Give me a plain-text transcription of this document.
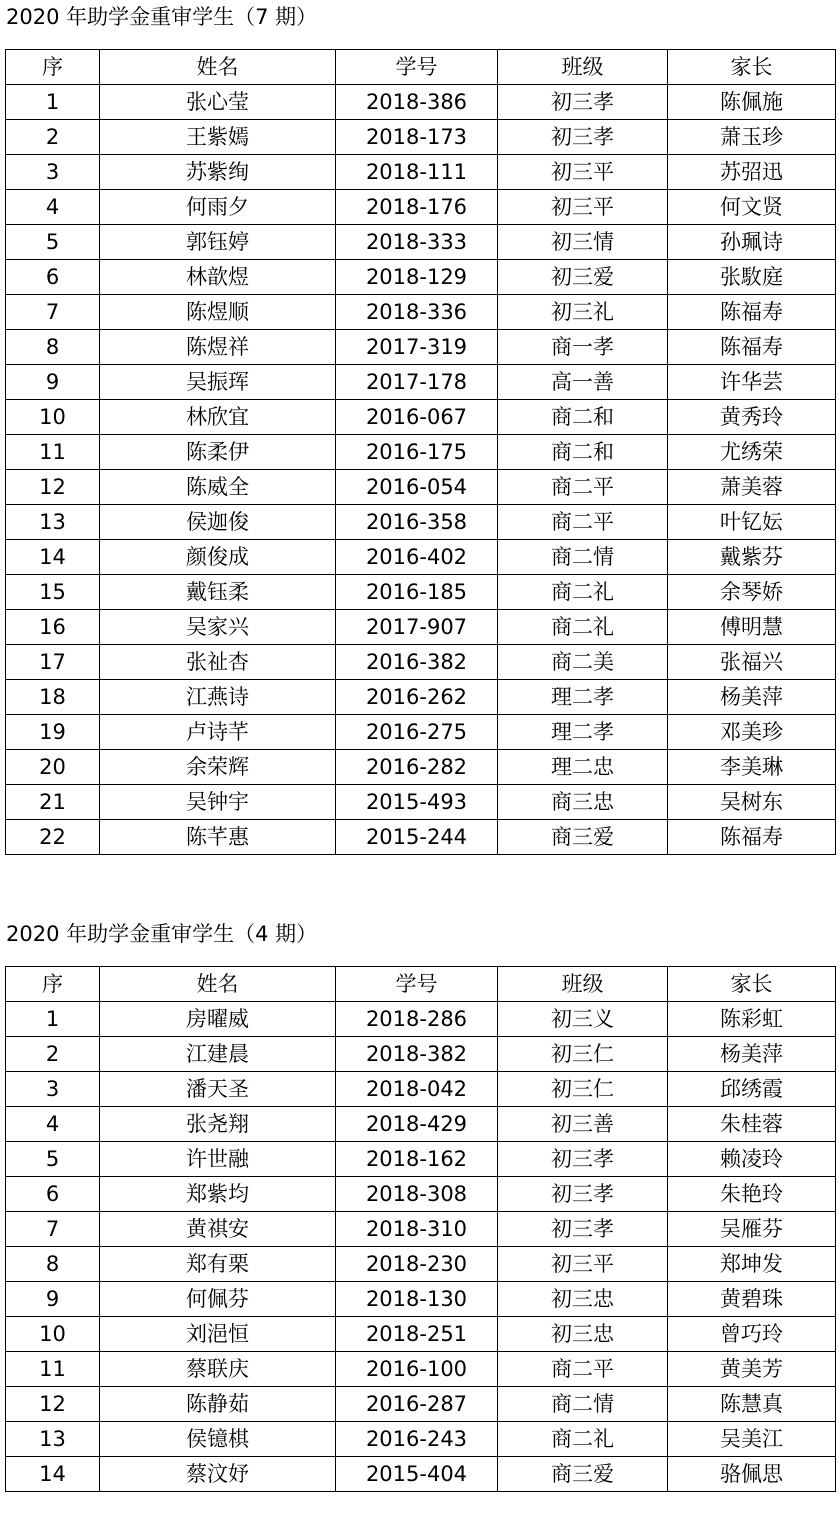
2020 年助学金重审学生（7 期）
序	姓名	学号	班级	家长
1	张心莹	2018-386	初三孝	陈佩施
2	王紫嫣	2018-173	初三孝	萧玉珍
3	苏紫绚	2018-111	初三平	苏弨迅
4	何雨夕	2018-176	初三平	何文贤
5	郭钰婷	2018-333	初三情	孙珮诗
6	林歆煜	2018-129	初三爱	张駇庭
7	陈煜顺	2018-336	初三礼	陈福寿
8	陈煜祥	2017-319	商一孝	陈福寿
9	吴振珲	2017-178	高一善	许华芸
10	林欣宜	2016-067	商二和	黄秀玲
11	陈柔伊	2016-175	商二和	尤绣荣
12	陈威全	2016-054	商二平	萧美蓉
13	侯迦俊	2016-358	商二平	叶钇妘
14	颜俊成	2016-402	商二情	戴紫芬
15	戴钰柔	2016-185	商二礼	余琴娇
16	吴家兴	2017-907	商二礼	傅明慧
17	张祉杏	2016-382	商二美	张福兴
18	江燕诗	2016-262	理二孝	杨美萍
19	卢诗芊	2016-275	理二孝	邓美珍
20	余荣辉	2016-282	理二忠	李美琳
21	吴钟宇	2015-493	商三忠	吴树东
22	陈芊惠	2015-244	商三爱	陈福寿
2020 年助学金重审学生（4 期）
序	姓名	学号	班级	家长
1	房曜威	2018-286	初三义	陈彩虹
2	江建晨	2018-382	初三仁	杨美萍
3	潘天圣	2018-042	初三仁	邱绣霞
4	张尧翔	2018-429	初三善	朱桂蓉
5	许世融	2018-162	初三孝	赖凌玲
6	郑紫均	2018-308	初三孝	朱艳玲
7	黄祺安	2018-310	初三孝	吴雁芬
8	郑有栗	2018-230	初三平	郑坤发
9	何佩芬	2018-130	初三忠	黄碧珠
10	刘浥恒	2018-251	初三忠	曾巧玲
11	蔡联庆	2016-100	商二平	黄美芳
12	陈静茹	2016-287	商二情	陈慧真
13	侯镱棋	2016-243	商二礼	吴美江
14	蔡汶妤	2015-404	商三爱	骆佩思
